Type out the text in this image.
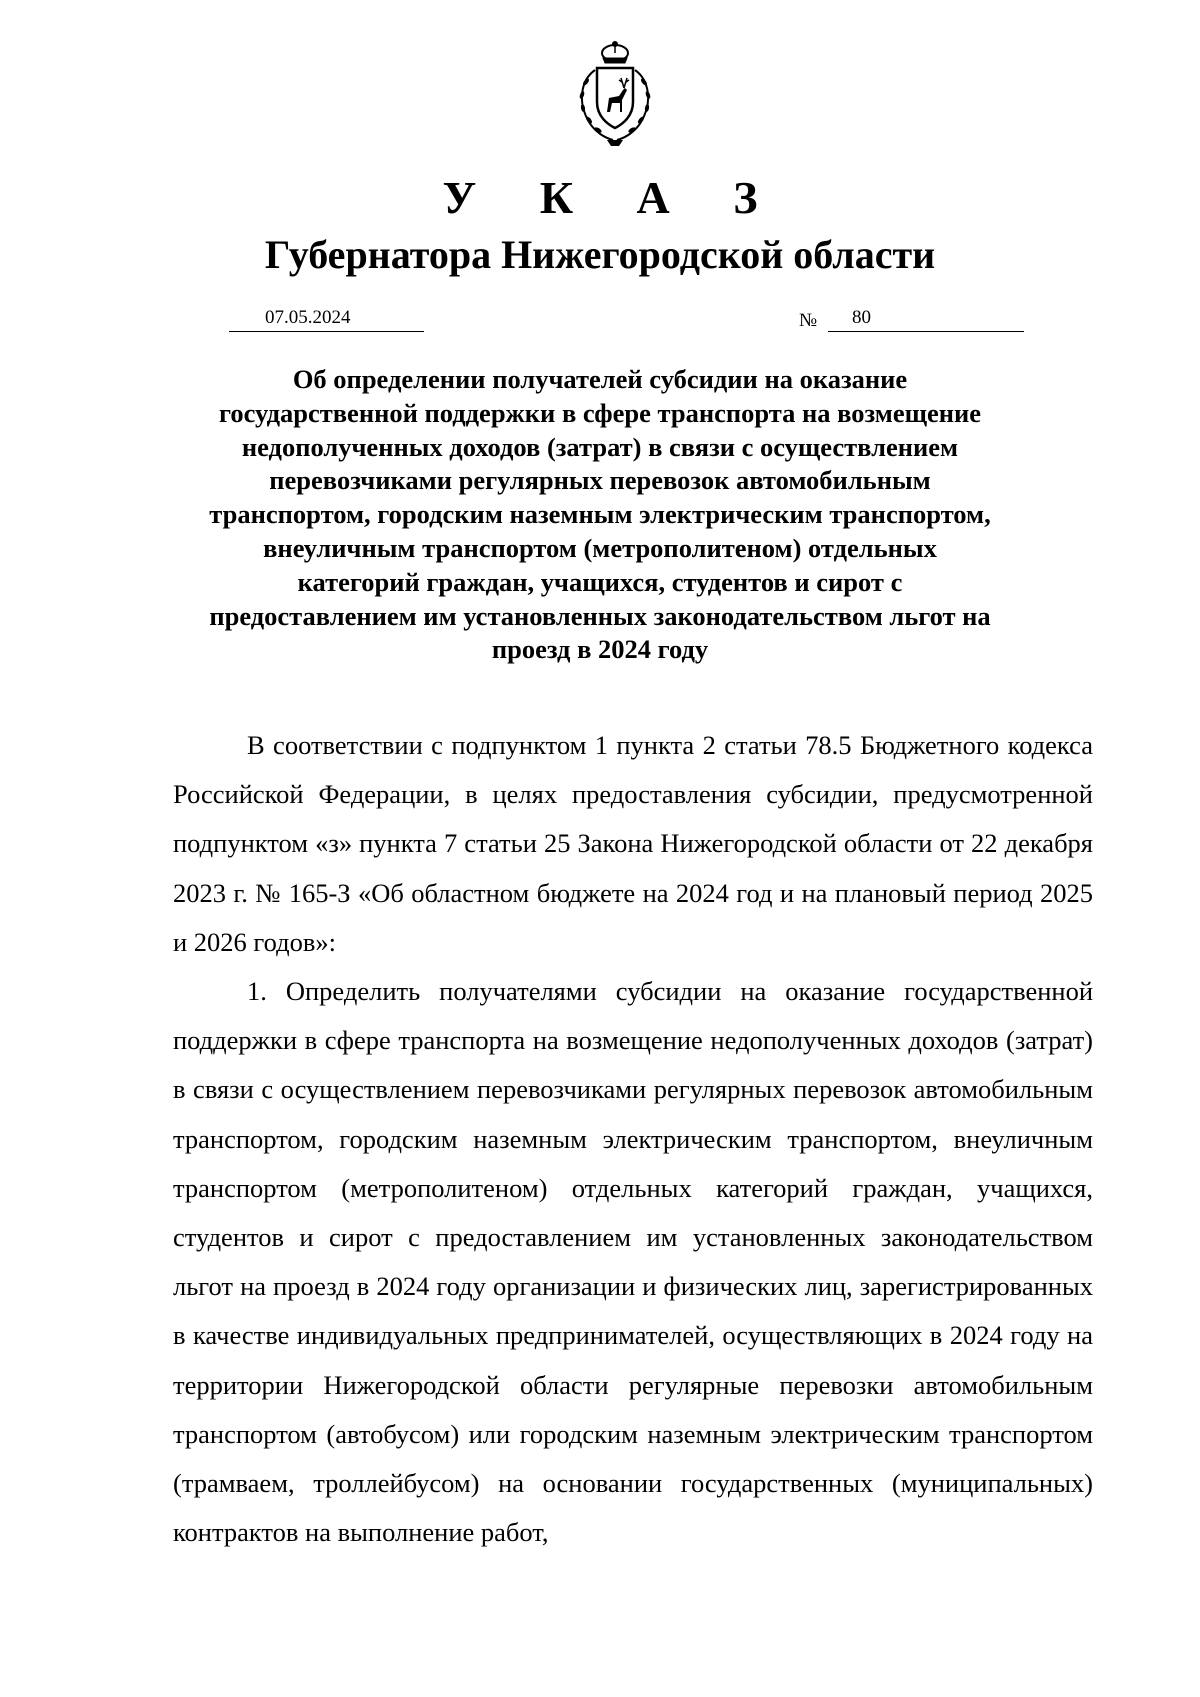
У К А З
Губернатора Нижегородской области
07.05.2024	№ 80
Об определении получателей субсидии на оказание государственной поддержки в сфере транспорта на возмещение недополученных доходов (затрат) в связи с осуществлением перевозчиками регулярных перевозок автомобильным транспортом, городским наземным электрическим транспортом, внеуличным транспортом (метрополитеном) отдельных категорий граждан, учащихся, студентов и сирот с предоставлением им установленных законодательством льгот на проезд в 2024 году

В соответствии с подпунктом 1 пункта 2 статьи 78.5 Бюджетного кодекса Российской Федерации, в целях предоставления субсидии, предусмотренной подпунктом «з» пункта 7 статьи 25 Закона Нижегородской области от 22 декабря 2023 г. № 165-З «Об областном бюджете на 2024 год и на плановый период 2025 и 2026 годов»:

1. Определить получателями субсидии на оказание государственной поддержки в сфере транспорта на возмещение недополученных доходов (затрат) в связи с осуществлением перевозчиками регулярных перевозок автомобильным транспортом, городским наземным электрическим транспортом, внеуличным транспортом (метрополитеном) отдельных категорий граждан, учащихся, студентов и сирот с предоставлением им установленных законодательством льгот на проезд в 2024 году организации и физических лиц, зарегистрированных в качестве индивидуальных предпринимателей, осуществляющих в 2024 году на территории Нижегородской области регулярные перевозки автомобильным транспортом (автобусом) или городским наземным электрическим транспортом (трамваем, троллейбусом) на основании государственных (муниципальных) контрактов на выполнение работ,
